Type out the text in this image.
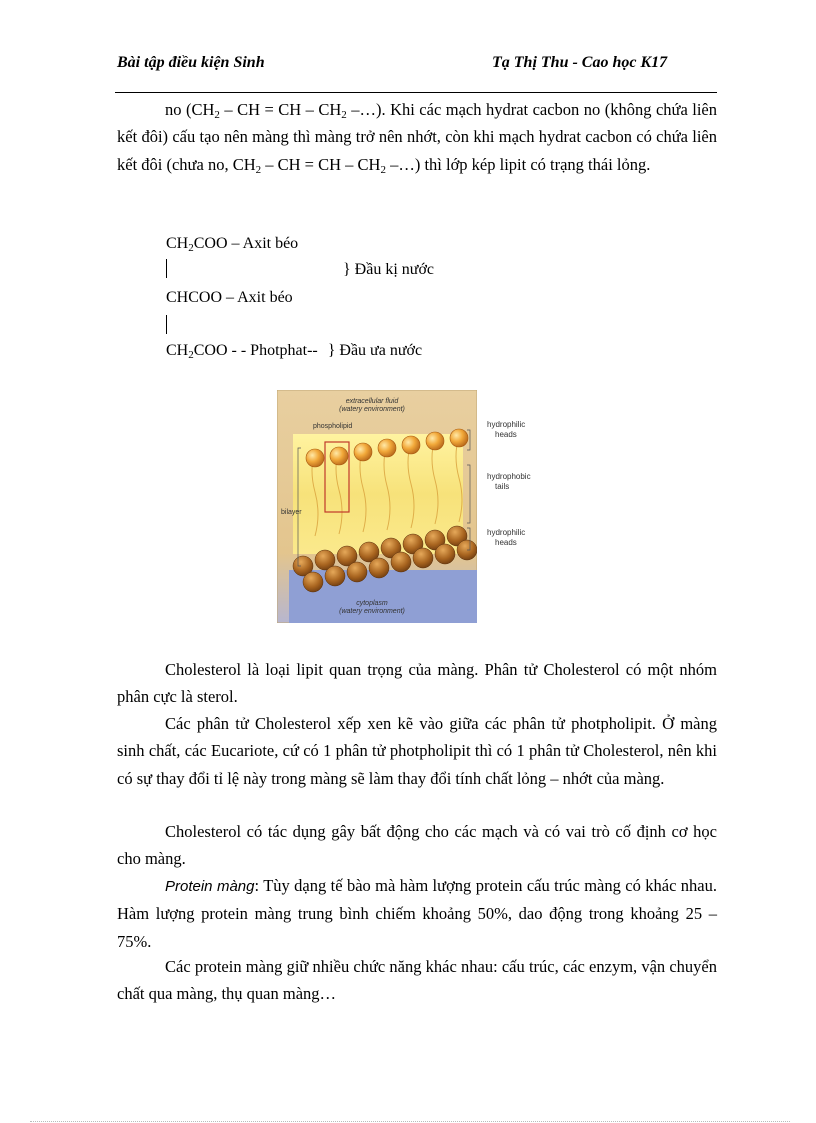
Bài tập điều kiện Sinh	Tạ Thị Thu - Cao học K17

no ($CH_2$ – CH = CH – $CH_2$ –…). Khi các mạch hydrat cacbon no (không chứa liên kết đôi) cấu tạo nên màng thì màng trở nên nhớt, còn khi mạch hydrat cacbon có chứa liên kết đôi (chưa no, $CH_2$ – CH = CH – $CH_2$ –…) thì lớp kép lipit có trạng thái lỏng.

$CH_2COO$ – Axit béo
} Đầu kị nước
CHCOO – Axit béo
$CH_2COO$ - - Photphat-- } Đầu ưa nước
extracellular fluid
(watery environment)
phospholipid
bilayer
cytoplasm
(watery environment)
hydrophilic
heads
hydrophobic
tails
hydrophilic
heads

Cholesterol là loại lipit quan trọng của màng. Phân tử Cholesterol có một nhóm phân cực là sterol.

Các phân tử Cholesterol xếp xen kẽ vào giữa các phân tử photpholipit. Ở màng sinh chất, các Eucariote, cứ có 1 phân tử photpholipit thì có 1 phân tử Cholesterol, nên khi có sự thay đổi tỉ lệ này trong màng sẽ làm thay đổi tính chất lỏng – nhớt của màng.

Cholesterol có tác dụng gây bất động cho các mạch và có vai trò cố định cơ học cho màng.

Protein màng: Tùy dạng tế bào mà hàm lượng protein cấu trúc màng có khác nhau. Hàm lượng protein màng trung bình chiếm khoảng 50%, dao động trong khoảng 25 – 75%.

Các protein màng giữ nhiều chức năng khác nhau: cấu trúc, các enzym, vận chuyển chất qua màng, thụ quan màng…
